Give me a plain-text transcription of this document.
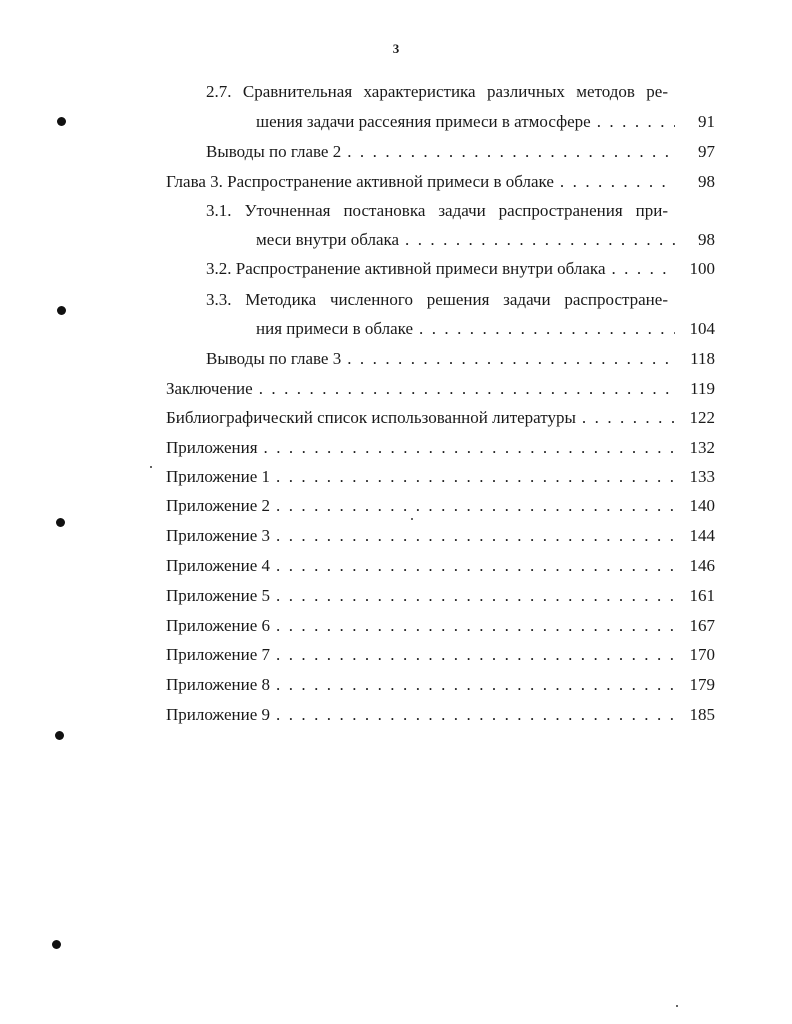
3
2.7. Сравнительная характеристика различных методов ре-
шения задачи рассеяния примеси в атмосфере . . .	91
Выводы по главе 2 . . .	97
Глава 3. Распространение активной примеси в облаке . . .	98
3.1. Уточненная постановка задачи распространения при-
меси внутри облака . . .	98
3.2. Распространение активной примеси внутри облака . . .	100
3.3. Методика численного решения задачи распростране-
ния примеси в облаке . . .	104
Выводы по главе 3 . . .	118
Заключение . . .	119
Библиографический список использованной литературы . . .	122
Приложения . . .	132
Приложение 1 . . .	133
Приложение 2 . . .	140
Приложение 3 . . .	144
Приложение 4 . . .	146
Приложение 5 . . .	161
Приложение 6 . . .	167
Приложение 7 . . .	170
Приложение 8 . . .	179
Приложение 9 . . .	185
